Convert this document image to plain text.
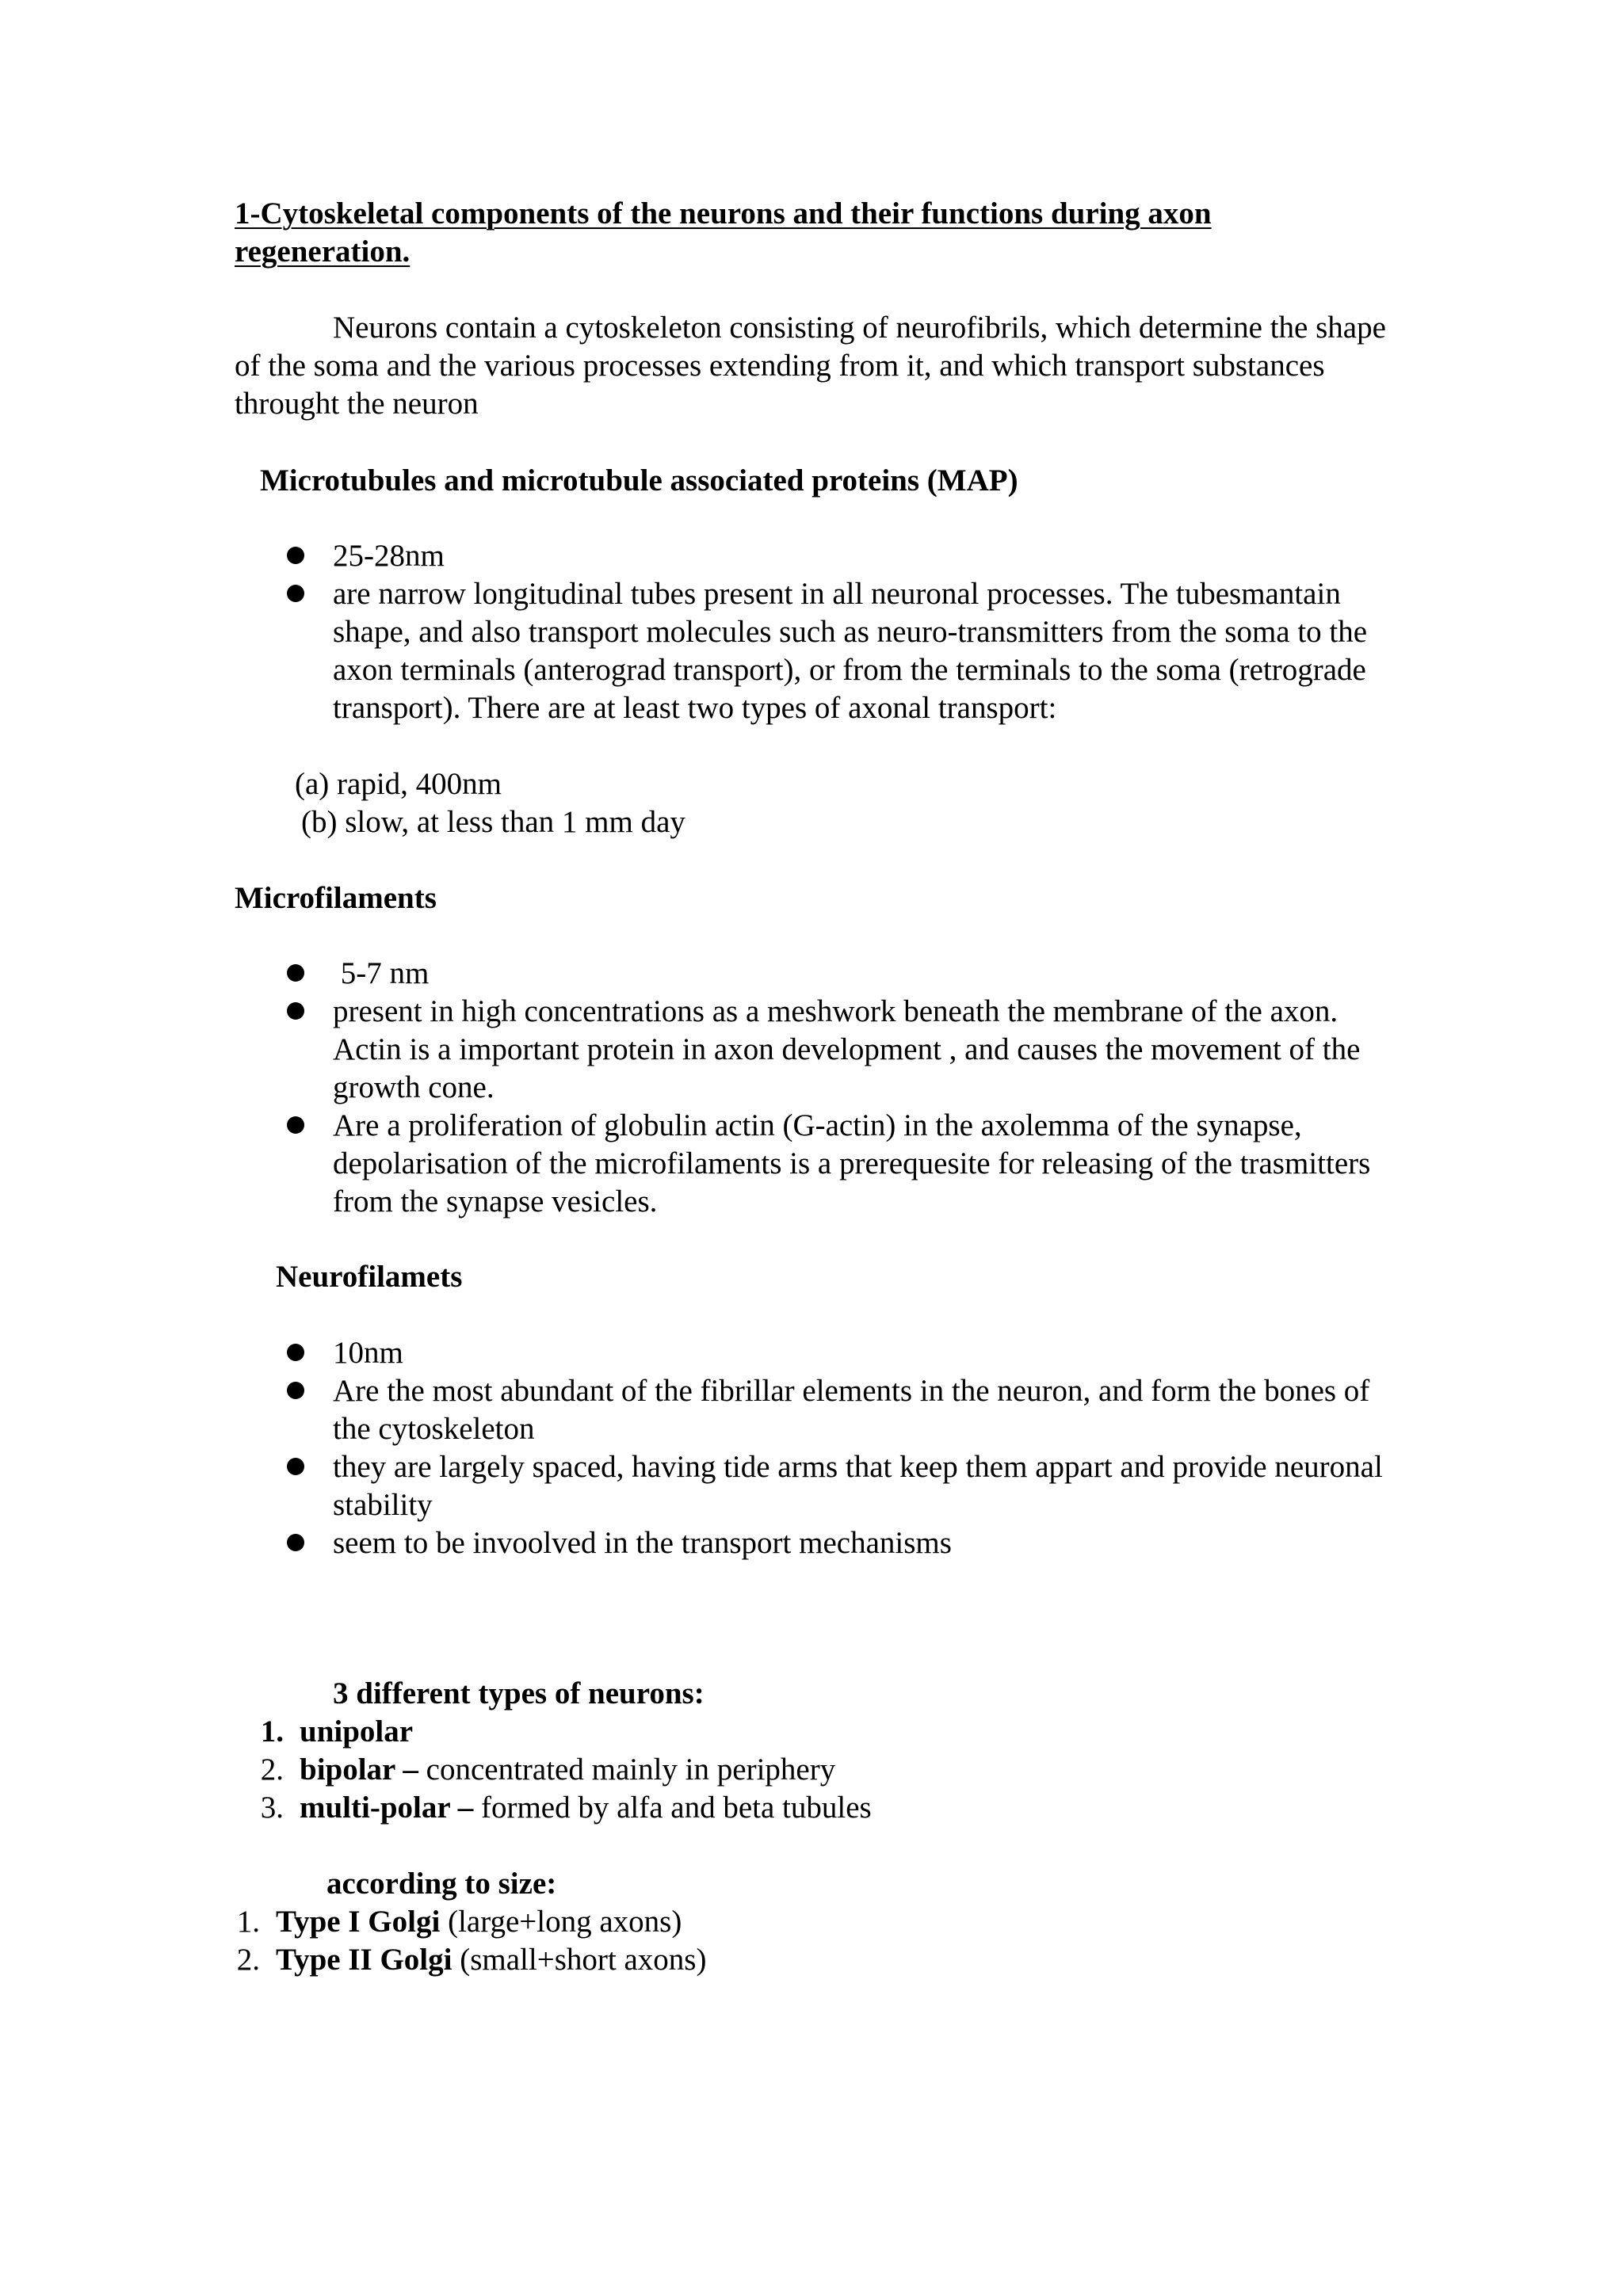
1-Cytoskeletal components of the neurons and their functions during axon regeneration.
Neurons contain a cytoskeleton consisting of neurofibrils, which determine the shape of the soma and the various processes extending from it, and which transport substances throught the neuron
Microtubules and microtubule associated proteins (MAP)
25-28nm
are narrow longitudinal tubes present in all neuronal processes. The tubesmantain shape, and also transport molecules such as neuro-transmitters from the soma to the axon terminals (anterograd transport), or from the terminals to the soma (retrograde transport). There are at least two types of axonal transport:
(a) rapid, 400nm
(b) slow, at less than 1 mm day
Microfilaments
5-7 nm
present in high concentrations as a meshwork beneath the membrane of the axon. Actin is a important protein in axon development , and causes the movement of the growth cone.
Are a proliferation of globulin actin (G-actin) in the axolemma of the synapse, depolarisation of the microfilaments is a prerequesite for releasing of the trasmitters from the synapse vesicles.
Neurofilamets
10nm
Are the most abundant of the fibrillar elements in the neuron, and form the bones of the cytoskeleton
they are largely spaced, having tide arms that keep them appart and provide neuronal stability
seem to be invoolved in the transport mechanisms
3 different types of neurons:
1. unipolar
2. bipolar – concentrated mainly in periphery
3. multi-polar – formed by alfa and beta tubules
according to size:
1. Type I Golgi (large+long axons)
2. Type II Golgi (small+short axons)
